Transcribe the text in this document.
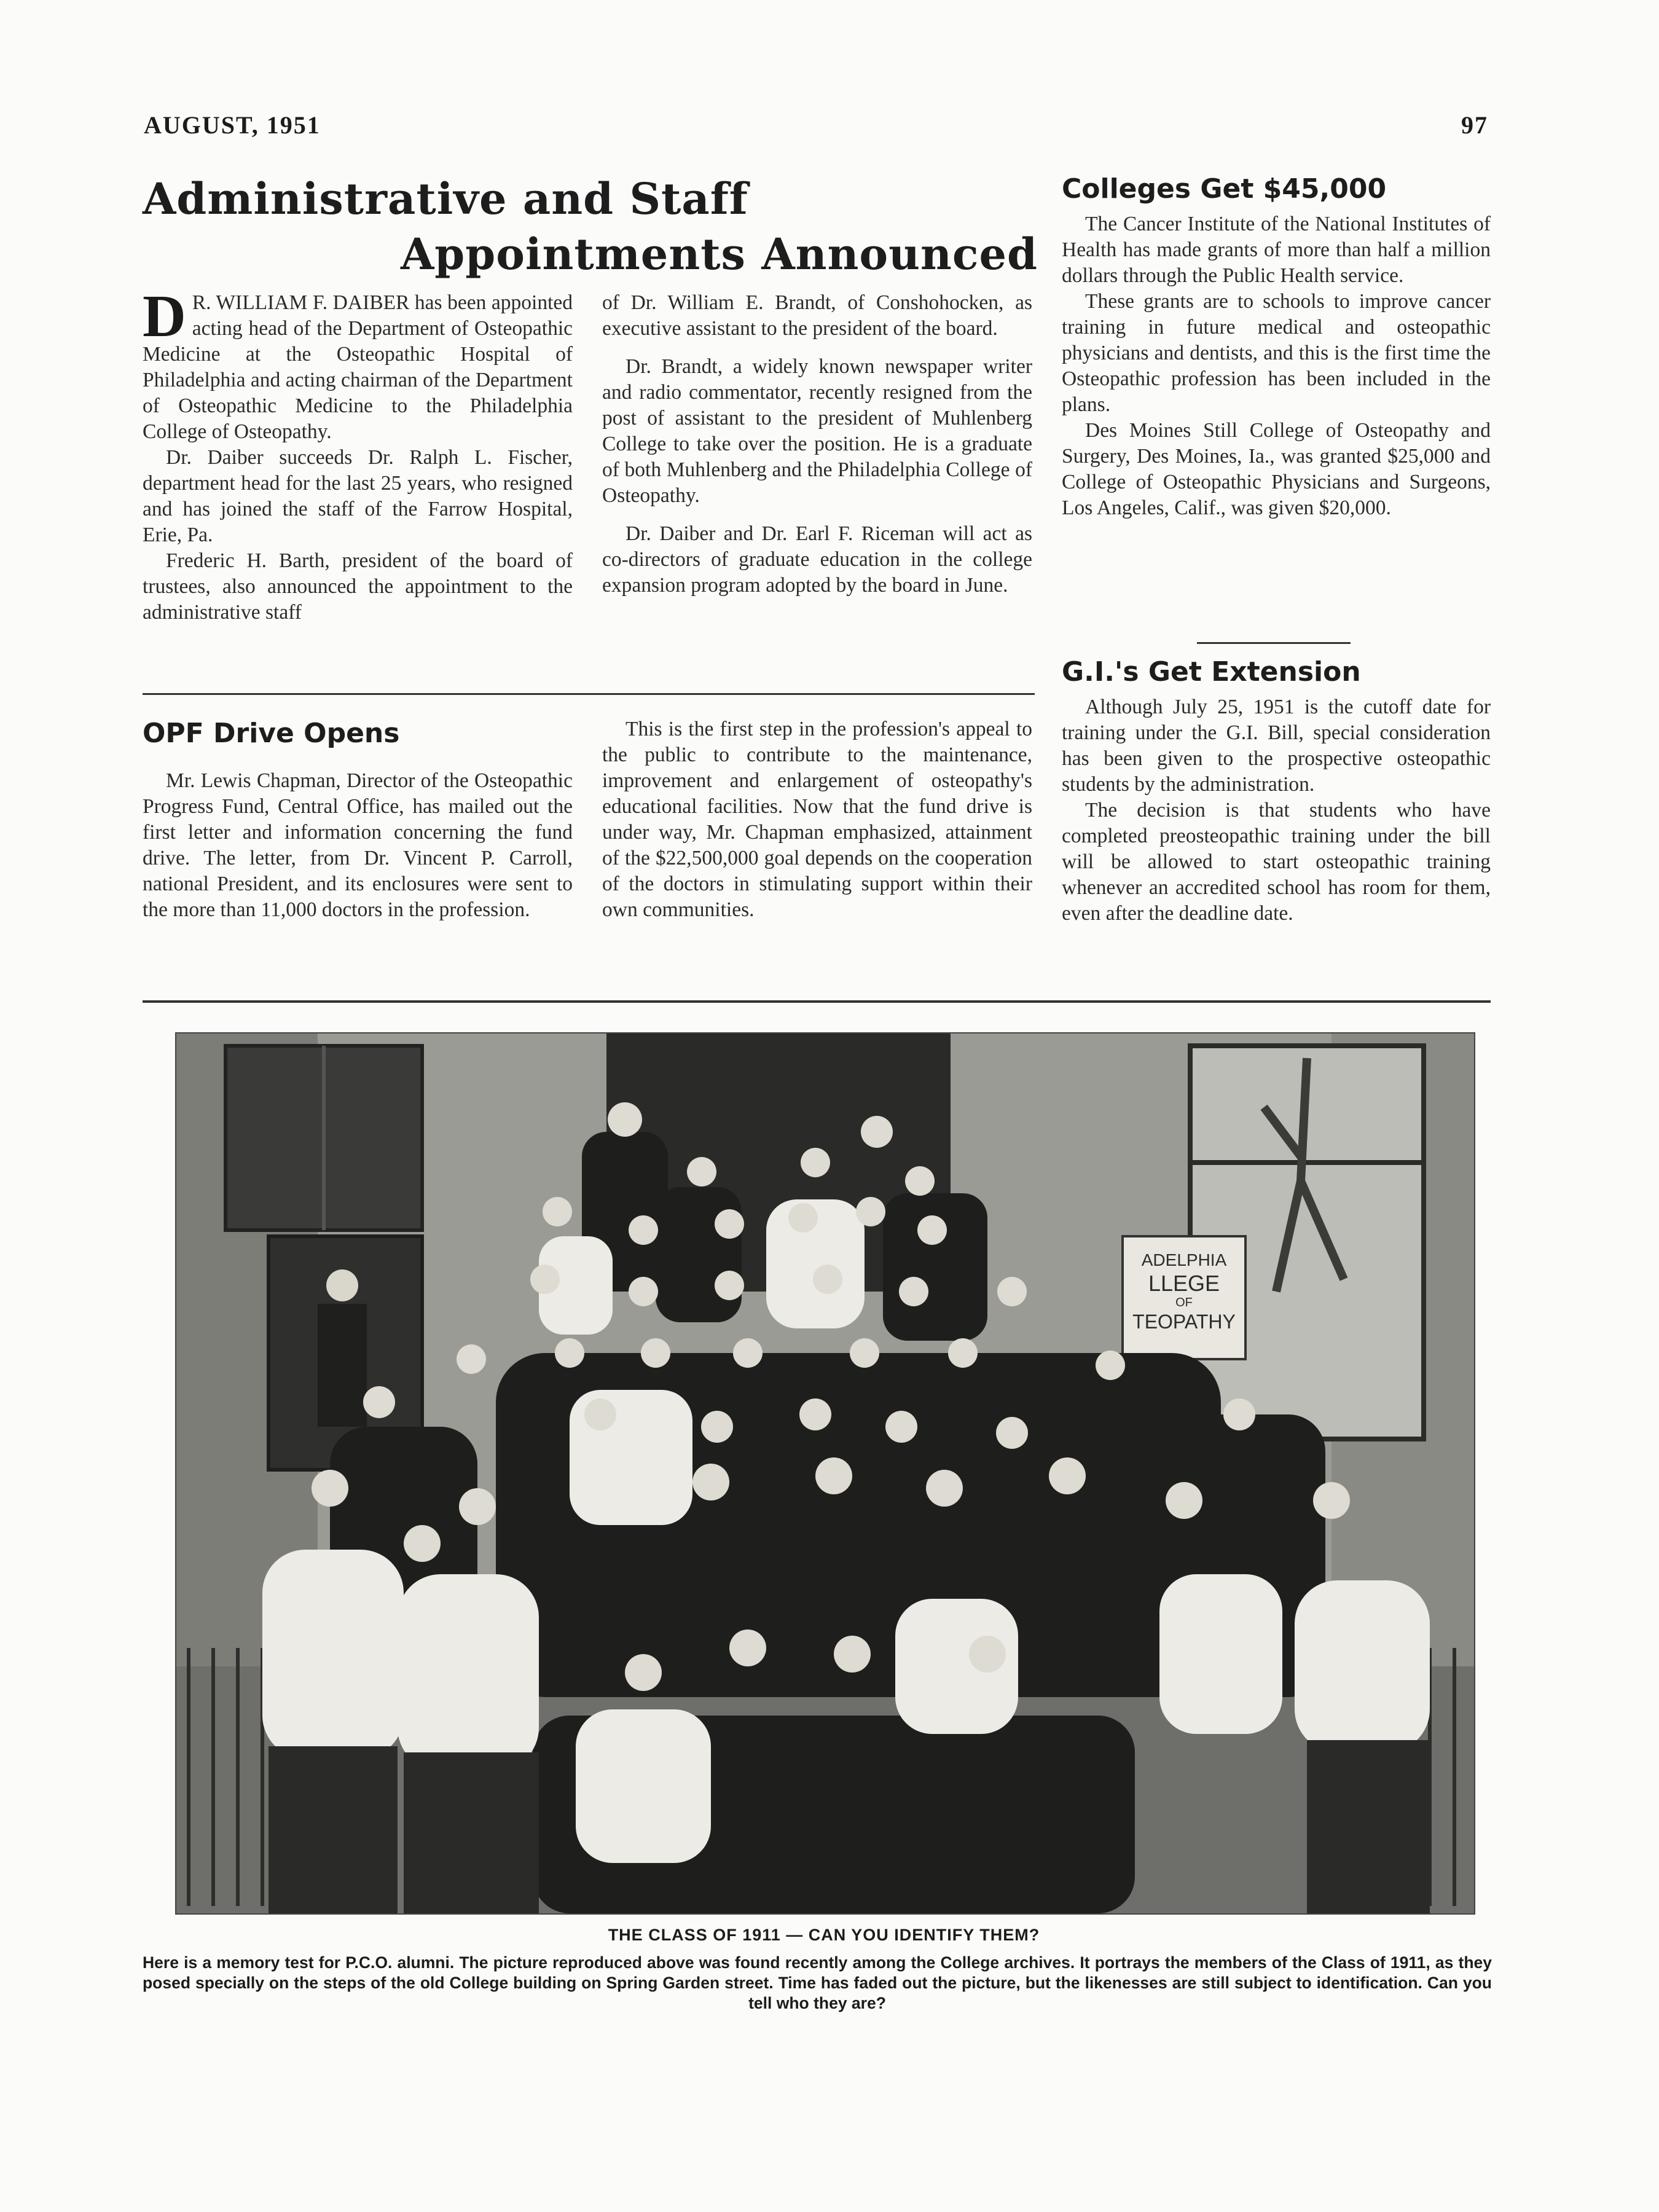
AUGUST, 1951	97
Administrative and Staff
Appointments Announced
D R. WILLIAM F. DAIBER has been appointed acting head of the Department of Osteopathic Medicine at the Osteopathic Hospital of Philadelphia and acting chairman of the Department of Osteopathic Medicine to the Philadelphia College of Osteopathy.

Dr. Daiber succeeds Dr. Ralph L. Fischer, department head for the last 25 years, who resigned and has joined the staff of the Farrow Hospital, Erie, Pa.

Frederic H. Barth, president of the board of trustees, also announced the appointment to the administrative staff

of Dr. William E. Brandt, of Conshohocken, as executive assistant to the president of the board.

Dr. Brandt, a widely known newspaper writer and radio commentator, recently resigned from the post of assistant to the president of Muhlenberg College to take over the position. He is a graduate of both Muhlenberg and the Philadelphia College of Osteopathy.

Dr. Daiber and Dr. Earl F. Riceman will act as co-directors of graduate education in the college expansion program adopted by the board in June.

Colleges Get $45,000

The Cancer Institute of the National Institutes of Health has made grants of more than half a million dollars through the Public Health service.

These grants are to schools to improve cancer training in future medical and osteopathic physicians and dentists, and this is the first time the Osteopathic profession has been included in the plans.

Des Moines Still College of Osteopathy and Surgery, Des Moines, Ia., was granted $25,000 and College of Osteopathic Physicians and Surgeons, Los Angeles, Calif., was given $20,000.

G.I.'s Get Extension

Although July 25, 1951 is the cutoff date for training under the G.I. Bill, special consideration has been given to the prospective osteopathic students by the administration.

The decision is that students who have completed preosteopathic training under the bill will be allowed to start osteopathic training whenever an accredited school has room for them, even after the deadline date.

OPF Drive Opens

Mr. Lewis Chapman, Director of the Osteopathic Progress Fund, Central Office, has mailed out the first letter and information concerning the fund drive. The letter, from Dr. Vincent P. Carroll, national President, and its enclosures were sent to the more than 11,000 doctors in the profession.

This is the first step in the profession's appeal to the public to contribute to the maintenance, improvement and enlargement of osteopathy's educational facilities. Now that the fund drive is under way, Mr. Chapman emphasized, attainment of the $22,500,000 goal depends on the cooperation of the doctors in stimulating support within their own communities.

ADELPHIA
LLEGE
OF
TEOPATHY
THE CLASS OF 1911 — CAN YOU IDENTIFY THEM?
Here is a memory test for P.C.O. alumni. The picture reproduced above was found recently among the College archives. It portrays the members of the Class of 1911, as they posed specially on the steps of the old College building on Spring Garden street. Time has faded out the picture, but the likenesses are still subject to identification. Can you tell who they are?
